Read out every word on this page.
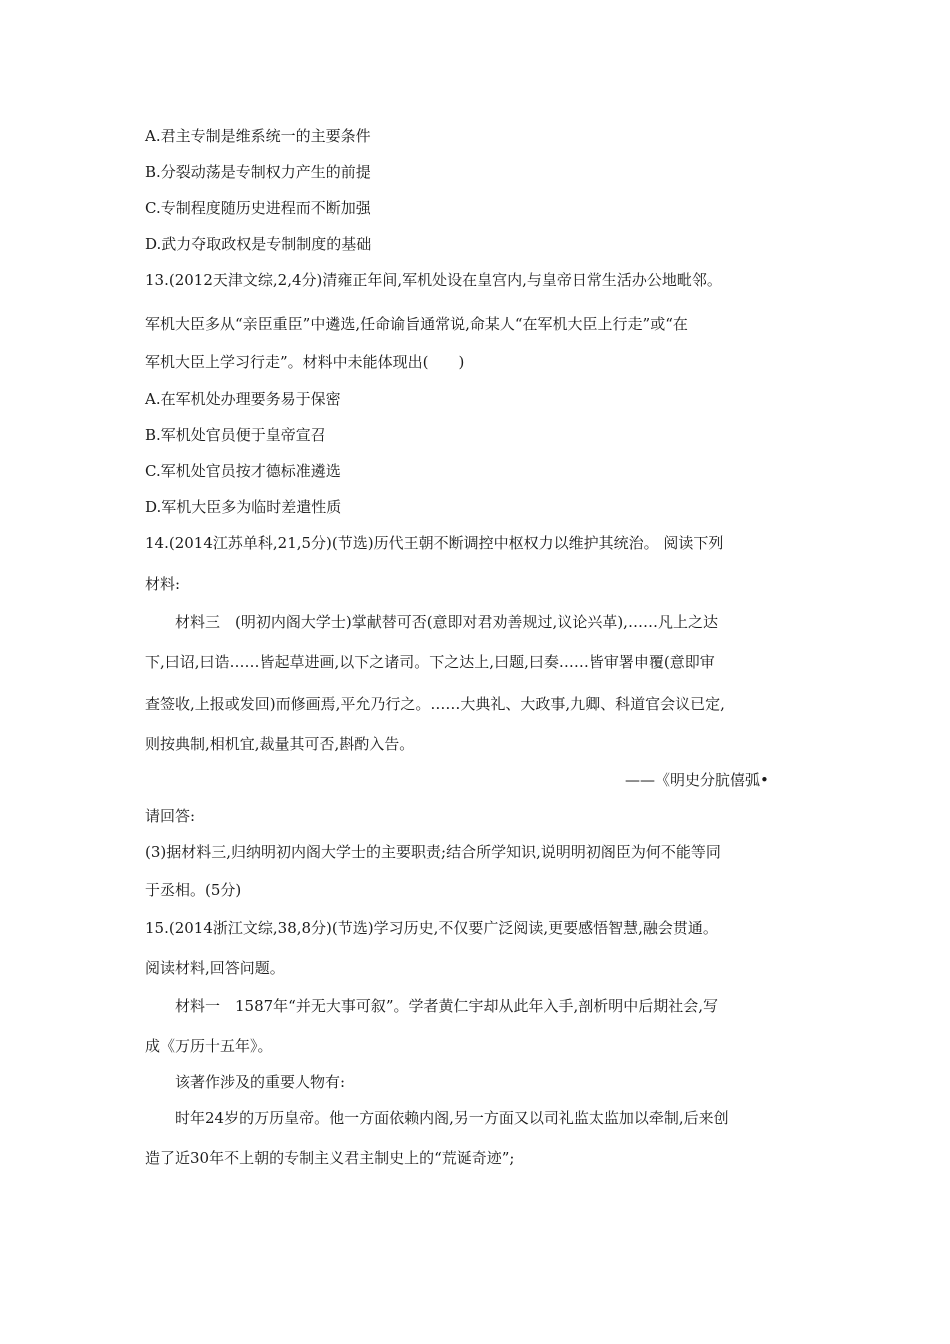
A.君主专制是维系统一的主要条件
B.分裂动荡是专制权力产生的前提
C.专制程度随历史进程而不断加强
D.武力夺取政权是专制制度的基础
13.(2012天津文综,2,4分)清雍正年间,军机处设在皇宫内,与皇帝日常生活办公地毗邻。
军机大臣多从“亲臣重臣”中遴选,任命谕旨通常说,命某人“在军机大臣上行走”或“在
军机大臣上学习行走”。材料中未能体现出(　　)
A.在军机处办理要务易于保密
B.军机处官员便于皇帝宣召
C.军机处官员按才德标准遴选
D.军机大臣多为临时差遣性质
14.(2014江苏单科,21,5分)(节选)历代王朝不断调控中枢权力以维护其统治。 阅读下列
材料:
材料三　(明初内阁大学士)掌献替可否(意即对君劝善规过,议论兴革),……凡上之达
下,曰诏,曰诰……皆起草进画,以下之诸司。下之达上,曰题,曰奏……皆审署申覆(意即审
查签收,上报或发回)而修画焉,平允乃行之。……大典礼、大政事,九卿、科道官会议已定,
则按典制,相机宜,裁量其可否,斟酌入告。
——《明史分肮僖弧•
请回答:
(3)据材料三,归纳明初内阁大学士的主要职责;结合所学知识,说明明初阁臣为何不能等同
于丞相。(5分)
15.(2014浙江文综,38,8分)(节选)学习历史,不仅要广泛阅读,更要感悟智慧,融会贯通。
阅读材料,回答问题。
材料一　1587年“并无大事可叙”。学者黄仁宇却从此年入手,剖析明中后期社会,写
成《万历十五年》。
该著作涉及的重要人物有:
时年24岁的万历皇帝。他一方面依赖内阁,另一方面又以司礼监太监加以牵制,后来创
造了近30年不上朝的专制主义君主制史上的“荒诞奇迹”;
